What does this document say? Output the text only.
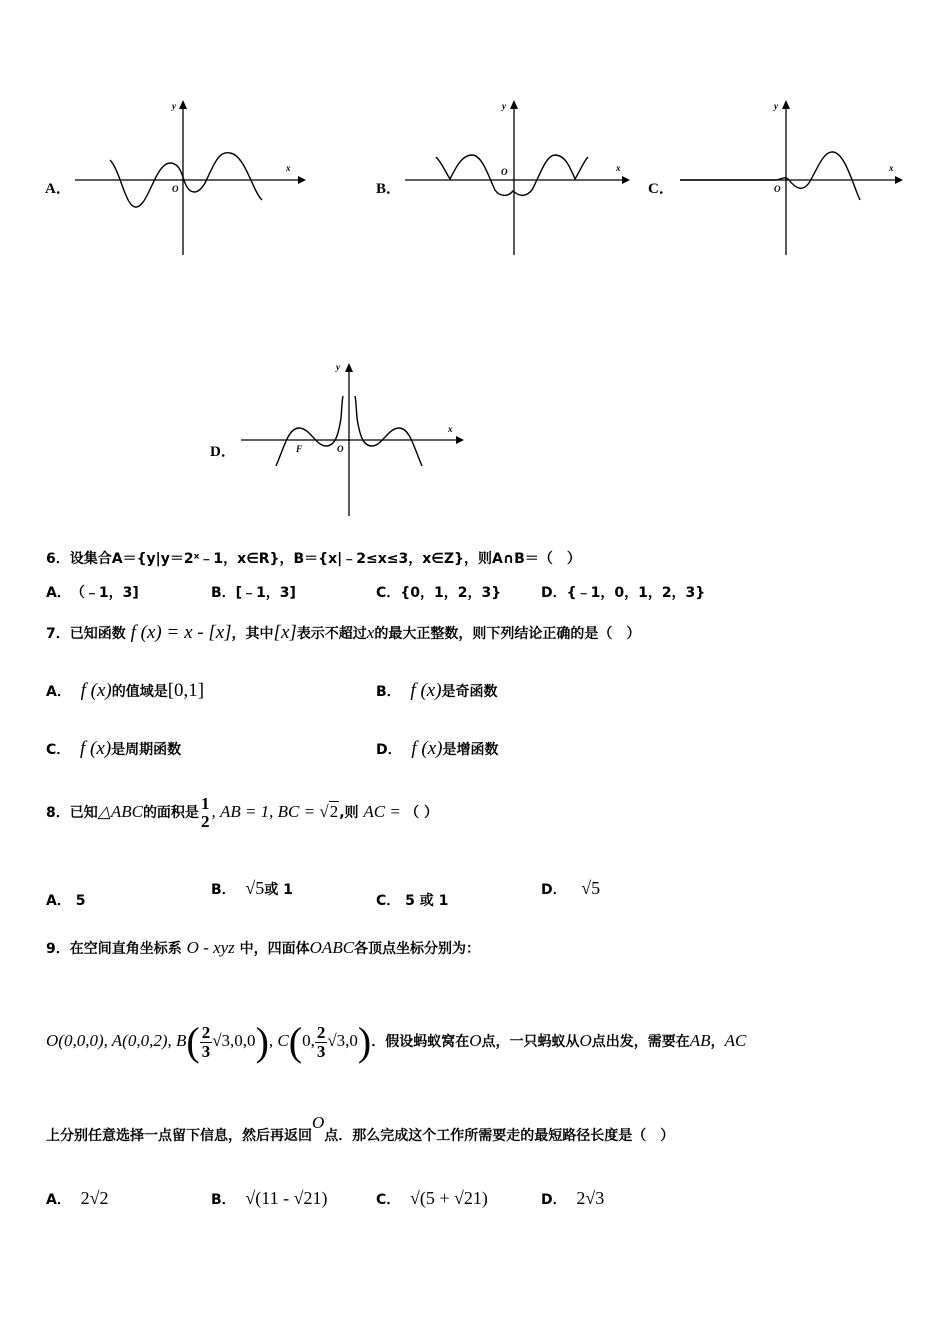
A．
x
y
O	B．
x
y
O
C．
x
y
O
D．
x
y
O
F
6．设集合A＝{y|y＝2ˣ﹣1，x∈R}，B＝{x|﹣2≤x≤3，x∈Z}，则A∩B＝（　）
A．　 （﹣1，3]	B．[﹣1，3]	C．{0，1，2，3}	D．{﹣1，0，1，2，3}
7．已知函数 f (x) = x - [x]，其中[x]表示不超过x的最大正整数，则下列结论正确的是（　）
A． f (x)的值域是[0,1]	B． f (x)是奇函数
C． f (x)是周期函数	D． f (x)是增函数
8．已知△ABC的面积是 1
2
, AB = 1, BC = √2,则 AC = （ ）
A． 5
B． √5或 1
C． 5 或 1
D． √5
9．在空间直角坐标系 O - xyz 中，四面体OABC各顶点坐标分别为：
O(0,0,0), A(0,0,2), $B( \frac{2}{3} √3,0,0)$, C(0, $\frac{2}{3} √3,0$)．假设蚂蚁窝在O点，一只蚂蚁从O点出发，需要在AB，AC
上分别任意选择一点留下信息，然后再返回O点．那么完成这个工作所需要走的最短路径长度是（　）
A． 2√2	B． √(11 - √21)	C． √(5 + √21)	D． 2√3
